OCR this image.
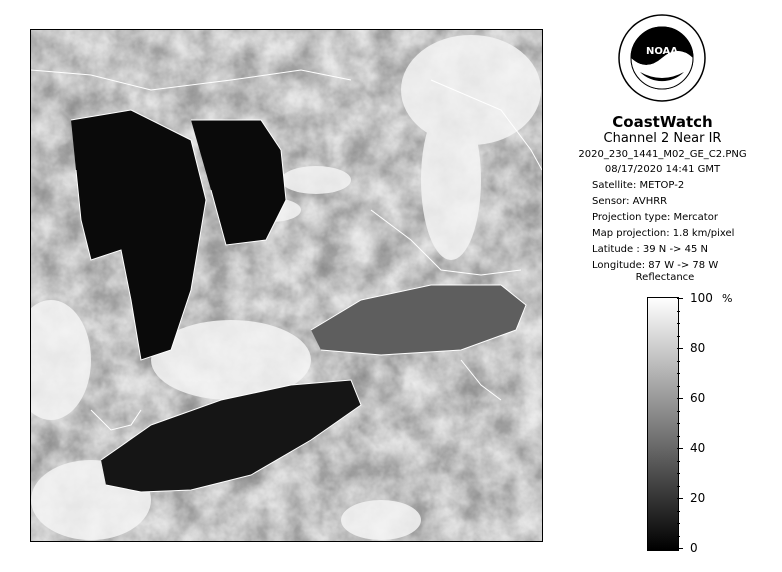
NOAA
CoastWatch
Channel 2 Near IR
2020_230_1441_M02_GE_C2.PNG
08/17/2020 14:41 GMT
Satellite: METOP-2
Sensor: AVHRR
Projection type: Mercator
Map projection: 1.8 km/pixel
Latitude : 39 N -> 45 N
Longitude: 87 W -> 78 W
Reflectance
%
100
80
60
40
20
0
